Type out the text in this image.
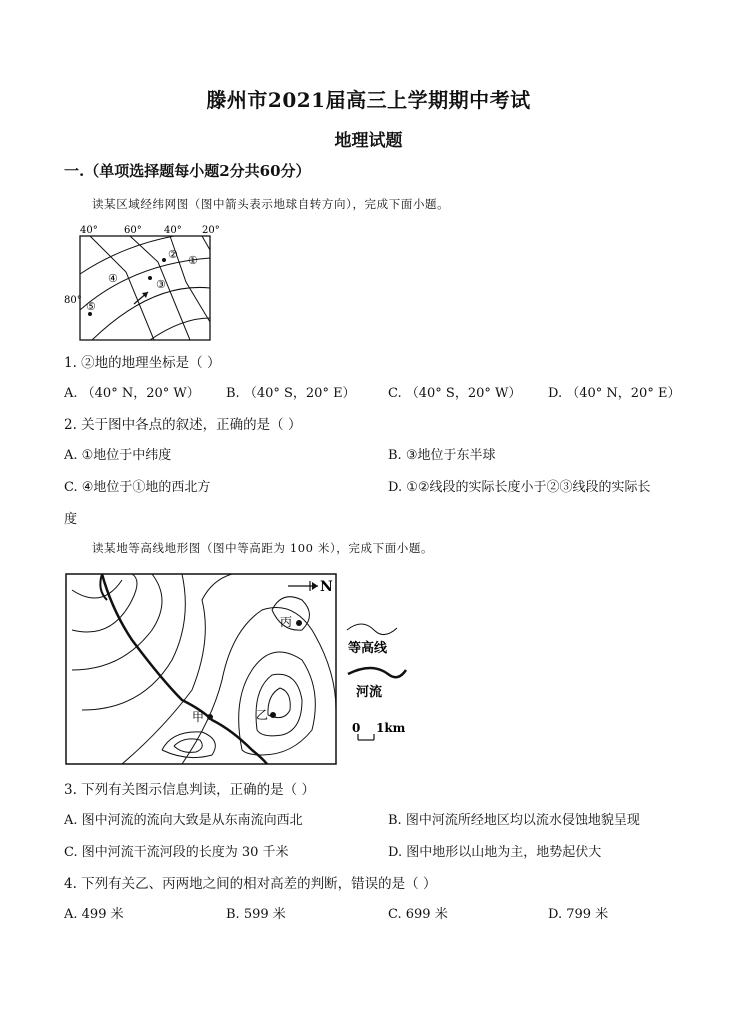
滕州市2021届高三上学期期中考试
地理试题
一.（单项选择题每小题2分共60分）
读某区域经纬网图（图中箭头表示地球自转方向），完成下面小题。
40°	60° 40° 20°
80°
② ①
④	③
⑤
1. ②地的地理坐标是（ ）
A. （40° N，20° W） B. （40° S，20° E） C. （40° S，20° W） D. （40° N，20° E）
2. 关于图中各点的叙述，正确的是（ ）
A. ①地位于中纬度	B. ③地位于东半球
C. ④地位于①地的西北方	D. ①②线段的实际长度小于②③线段的实际长
度
读某地等高线地形图（图中等高距为 100 米），完成下面小题。
丙
乙
甲
N
等高线
河流
0 1km
3. 下列有关图示信息判读，正确的是（ ）
A. 图中河流的流向大致是从东南流向西北	B. 图中河流所经地区均以流水侵蚀地貌呈现
C. 图中河流干流河段的长度为 30 千米	D. 图中地形以山地为主，地势起伏大
4. 下列有关乙、丙两地之间的相对高差的判断，错误的是（ ）
A. 499 米	B. 599 米	C. 699 米	D. 799 米
